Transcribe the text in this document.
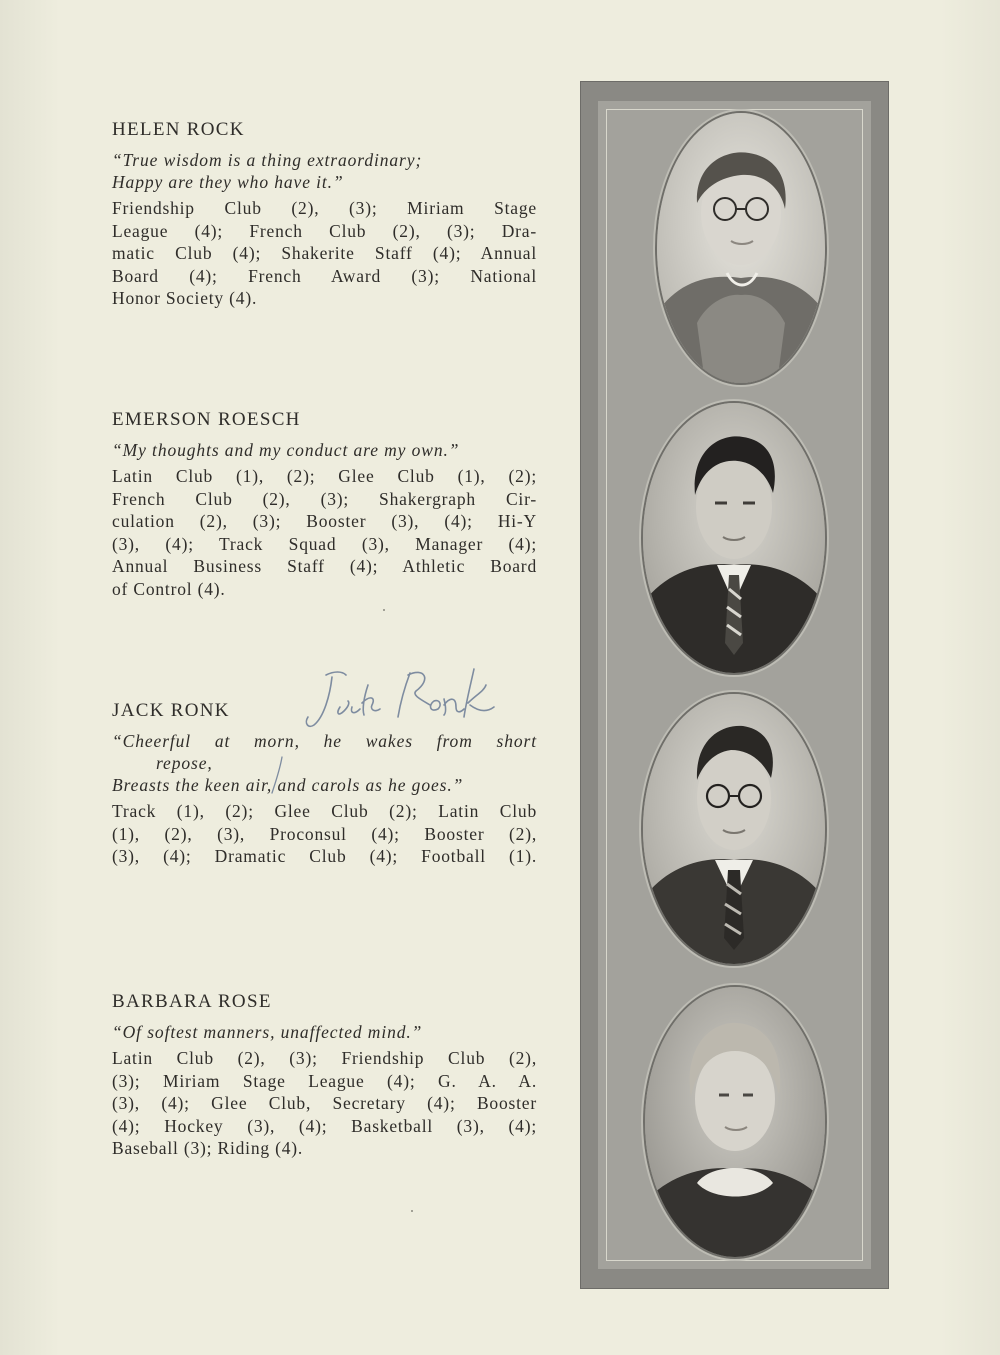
HELEN ROCK
“True wisdom is a thing extraordinary;
Happy are they who have it.”
Friendship Club (2), (3); Miriam Stage
League (4); French Club (2), (3); Dra-
matic Club (4); Shakerite Staff (4); Annual
Board (4); French Award (3); National
Honor Society (4).
EMERSON ROESCH
“My thoughts and my conduct are my own.”
Latin Club (1), (2); Glee Club (1), (2);
French Club (2), (3); Shakergraph Cir-
culation (2), (3); Booster (3), (4); Hi-Y
(3), (4); Track Squad (3), Manager (4);
Annual Business Staff (4); Athletic Board
of Control (4).
JACK RONK
“Cheerful at morn, he wakes from short
repose,
Breasts the keen air, and carols as he goes.”
Track (1), (2); Glee Club (2); Latin Club
(1), (2), (3), Proconsul (4); Booster (2),
(3), (4); Dramatic Club (4); Football (1).
BARBARA ROSE
“Of softest manners, unaffected mind.”
Latin Club (2), (3); Friendship Club (2),
(3); Miriam Stage League (4); G. A. A.
(3), (4); Glee Club, Secretary (4); Booster
(4); Hockey (3), (4); Basketball (3), (4);
Baseball (3); Riding (4).
